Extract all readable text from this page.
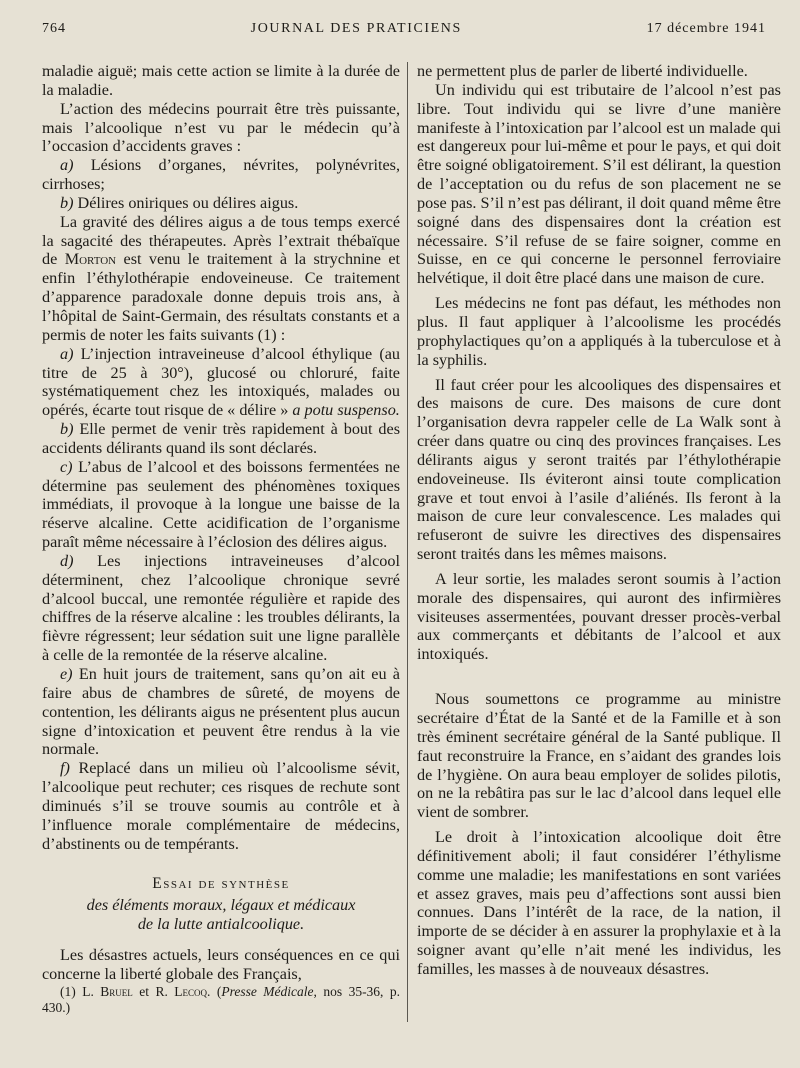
764	JOURNAL DES PRATICIENS	17 décembre 1941

maladie aiguë; mais cette action se limite à la durée de la maladie.

L’action des médecins pourrait être très puissante, mais l’alcoolique n’est vu par le médecin qu’à l’occasion d’accidents graves :

a) Lésions d’organes, névrites, polynévrites, cirrhoses;

b) Délires oniriques ou délires aigus.

La gravité des délires aigus a de tous temps exercé la sagacité des thérapeutes. Après l’extrait thébaïque de Morton est venu le traitement à la strychnine et enfin l’éthylothérapie endoveineuse. Ce traitement d’apparence paradoxale donne depuis trois ans, à l’hôpital de Saint-Germain, des résultats constants et a permis de noter les faits suivants (1) :

a) L’injection intraveineuse d’alcool éthylique (au titre de 25 à 30°), glucosé ou chloruré, faite systématiquement chez les intoxiqués, malades ou opérés, écarte tout risque de « délire » a potu suspenso.

b) Elle permet de venir très rapidement à bout des accidents délirants quand ils sont déclarés.

c) L’abus de l’alcool et des boissons fermentées ne détermine pas seulement des phénomènes toxiques immédiats, il provoque à la longue une baisse de la réserve alcaline. Cette acidification de l’organisme paraît même nécessaire à l’éclosion des délires aigus.

d) Les injections intraveineuses d’alcool déterminent, chez l’alcoolique chronique sevré d’alcool buccal, une remontée régulière et rapide des chiffres de la réserve alcaline : les troubles délirants, la fièvre régressent; leur sédation suit une ligne parallèle à celle de la remontée de la réserve alcaline.

e) En huit jours de traitement, sans qu’on ait eu à faire abus de chambres de sûreté, de moyens de contention, les délirants aigus ne présentent plus aucun signe d’intoxication et peuvent être rendus à la vie normale.

f) Replacé dans un milieu où l’alcoolisme sévit, l’alcoolique peut rechuter; ces risques de rechute sont diminués s’il se trouve soumis au contrôle et à l’influence morale complémentaire de médecins, d’abstinents ou de tempérants.

Essai de synthèse
des éléments moraux, légaux et médicaux
de la lutte antialcoolique.

Les désastres actuels, leurs conséquences en ce qui concerne la liberté globale des Français,

(1) L. Bruel et R. Lecoq. (Presse Médicale, nos 35-36, p. 430.)

ne permettent plus de parler de liberté individuelle.

Un individu qui est tributaire de l’alcool n’est pas libre. Tout individu qui se livre d’une manière manifeste à l’intoxication par l’alcool est un malade qui est dangereux pour lui-même et pour le pays, et qui doit être soigné obligatoirement. S’il est délirant, la question de l’acceptation ou du refus de son placement ne se pose pas. S’il n’est pas délirant, il doit quand même être soigné dans des dispensaires dont la création est nécessaire. S’il refuse de se faire soigner, comme en Suisse, en ce qui concerne le personnel ferroviaire helvétique, il doit être placé dans une maison de cure.

Les médecins ne font pas défaut, les méthodes non plus. Il faut appliquer à l’alcoolisme les procédés prophylactiques qu’on a appliqués à la tuberculose et à la syphilis.

Il faut créer pour les alcooliques des dispensaires et des maisons de cure. Des maisons de cure dont l’organisation devra rappeler celle de La Walk sont à créer dans quatre ou cinq des provinces françaises. Les délirants aigus y seront traités par l’éthylothérapie endoveineuse. Ils éviteront ainsi toute complication grave et tout envoi à l’asile d’aliénés. Ils feront à la maison de cure leur convalescence. Les malades qui refuseront de suivre les directives des dispensaires seront traités dans les mêmes maisons.

A leur sortie, les malades seront soumis à l’action morale des dispensaires, qui auront des infirmières visiteuses assermentées, pouvant dresser procès-verbal aux commerçants et débitants de l’alcool et aux intoxiqués.

Nous soumettons ce programme au ministre secrétaire d’État de la Santé et de la Famille et à son très éminent secrétaire général de la Santé publique. Il faut reconstruire la France, en s’aidant des grandes lois de l’hygiène. On aura beau employer de solides pilotis, on ne la rebâtira pas sur le lac d’alcool dans lequel elle vient de sombrer.

Le droit à l’intoxication alcoolique doit être définitivement aboli; il faut considérer l’éthylisme comme une maladie; les manifestations en sont variées et assez graves, mais peu d’affections sont aussi bien connues. Dans l’intérêt de la race, de la nation, il importe de se décider à en assurer la prophylaxie et à la soigner avant qu’elle n’ait mené les individus, les familles, les masses à de nouveaux désastres.
